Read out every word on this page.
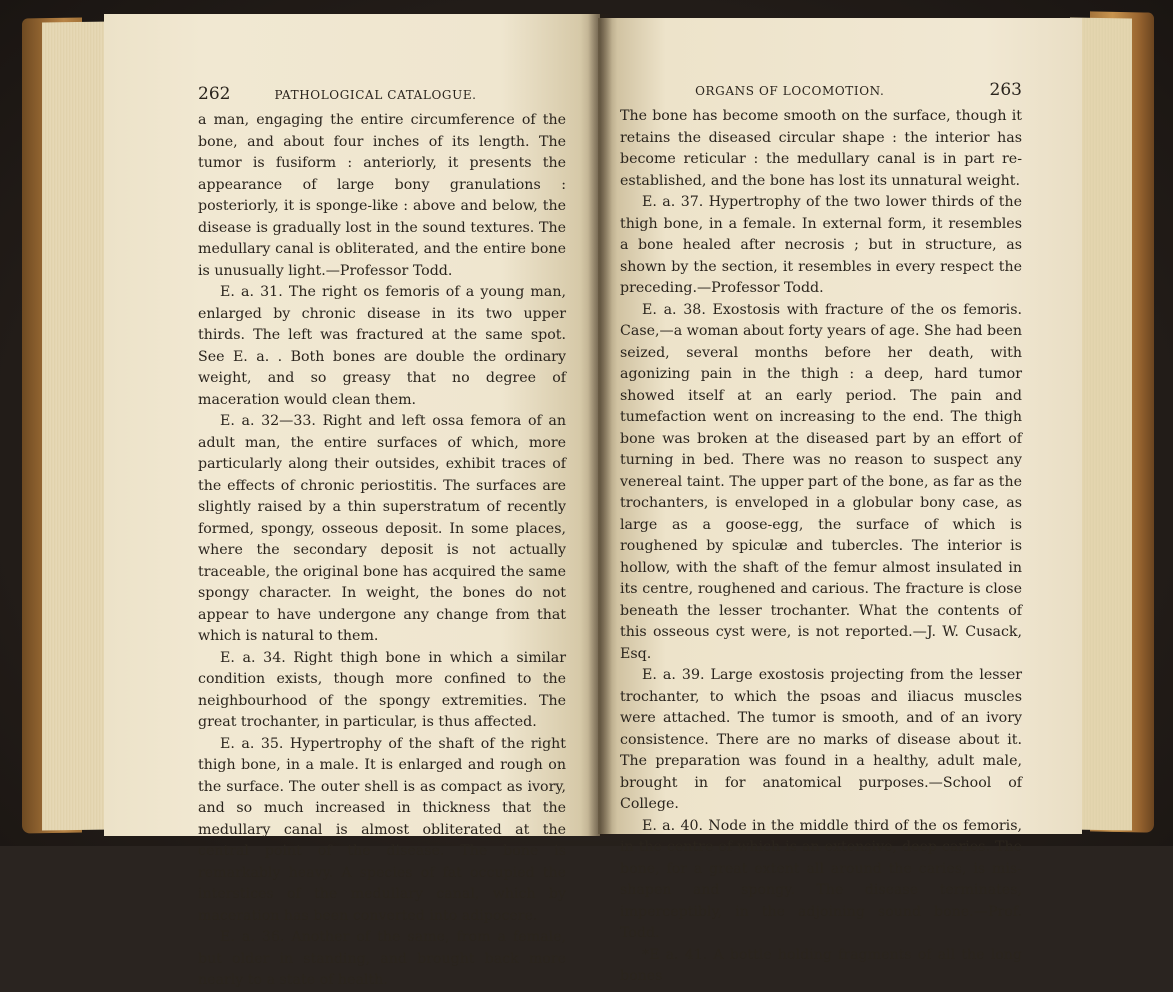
262	PATHOLOGICAL CATALOGUE.

a man, engaging the entire circumference of the bone, and about four inches of its length. The tumor is fusiform : anteriorly, it presents the appearance of large bony granulations : posteriorly, it is sponge-like : above and below, the disease is gradually lost in the sound textures. The medullary canal is obliterated, and the entire bone is unusually light.—Professor Todd.

E. a. 31. The right os femoris of a young man, enlarged by chronic disease in its two upper thirds. The left was fractured at the same spot. See E. a. . Both bones are double the ordinary weight, and so greasy that no degree of maceration would clean them.

E. a. 32—33. Right and left ossa femora of an adult man, the entire surfaces of which, more particularly along their outsides, exhibit traces of the effects of chronic periostitis. The surfaces are slightly raised by a thin superstratum of recently formed, spongy, osseous deposit. In some places, where the secondary deposit is not actually traceable, the original bone has acquired the same spongy character. In weight, the bones do not appear to have undergone any change from that which is natural to them.

E. a. 34. Right thigh bone in which a similar condition exists, though more confined to the neighbourhood of the spongy extremities. The great trochanter, in particular, is thus affected.

E. a. 35. Hypertrophy of the shaft of the right thigh bone, in a male. It is enlarged and rough on the surface. The outer shell is as compact as ivory, and so much increased in thickness that the medullary canal is almost obliterated at the central point of the disease. The bone is remarkably heavy. A species of fat occupied the interstices of the medullary canal, which by maceration has been converted into adipocere.

E. a. 36. Another of the same, from a female, but older in standing, and brought back more nearly to a state of health.

ORGANS OF LOCOMOTION.	263

The bone has become smooth on the surface, though it retains the diseased circular shape : the interior has become reticular : the medullary canal is in part re-established, and the bone has lost its unnatural weight.

E. a. 37. Hypertrophy of the two lower thirds of the thigh bone, in a female. In external form, it resembles a bone healed after necrosis ; but in structure, as shown by the section, it resembles in every respect the preceding.—Professor Todd.

E. a. 38. Exostosis with fracture of the os femoris. Case,—a woman about forty years of age. She had been seized, several months before her death, with agonizing pain in the thigh : a deep, hard tumor showed itself at an early period. The pain and tumefaction went on increasing to the end. The thigh bone was broken at the diseased part by an effort of turning in bed. There was no reason to suspect any venereal taint. The upper part of the bone, as far as the trochanters, is enveloped in a globular bony case, as large as a goose-egg, the surface of which is roughened by spiculæ and tubercles. The interior is hollow, with the shaft of the femur almost insulated in its centre, roughened and carious. The fracture is close beneath the lesser trochanter. What the contents of this osseous cyst were, is not reported.—J. W. Cusack, Esq.

E. a. 39. Large exostosis projecting from the lesser trochanter, to which the psoas and iliacus muscles were attached. The tumor is smooth, and of an ivory consistence. There are no marks of disease about it. The preparation was found in a healthy, adult male, brought in for anatomical purposes.—School of College.

E. a. 40. Node in the middle third of the os femoris, in the centre of which is an extensive, deep caries. The bone, for a great extent all around the caries, is mis-shapen and spongy. The disease terminates, imperceptibly, in the adjoining sound bone.—Prof. Todd.

*E a. 41. A bottle holding fragments of all the long bones
